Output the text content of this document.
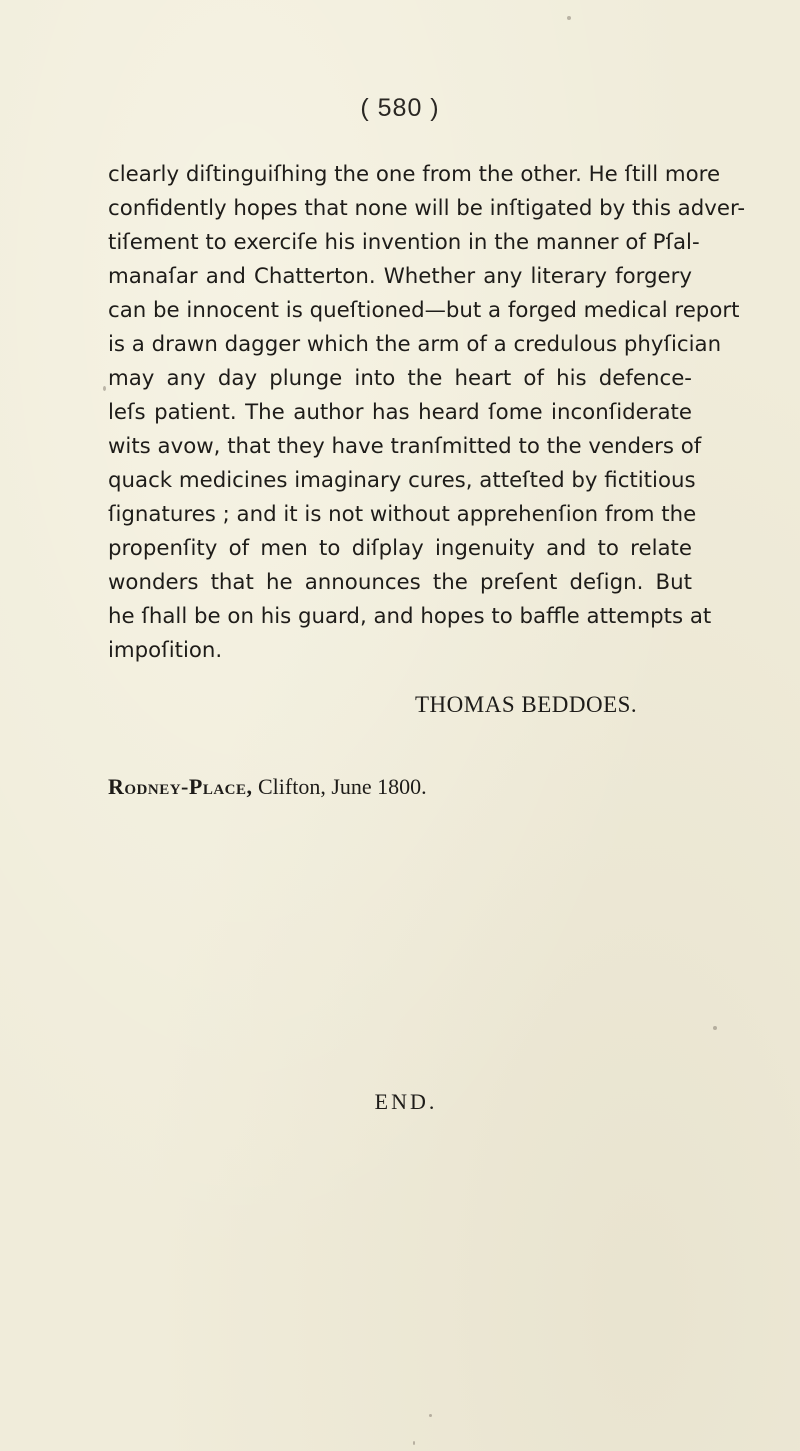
( 580 )
clearly diſtinguiſhing the one from the other. He ſtill more
confidently hopes that none will be inſtigated by this adver-
tiſement to exerciſe his invention in the manner of Pſal-
manaſar and Chatterton. Whether any literary forgery
can be innocent is queſtioned—but a forged medical report
is a drawn dagger which the arm of a credulous phyſician
may any day plunge into the heart of his defence-
leſs patient. The author has heard ſome inconſiderate
wits avow, that they have tranſmitted to the venders of
quack medicines imaginary cures, atteſted by fictitious
ſignatures ; and it is not without apprehenſion from the
propenſity of men to diſplay ingenuity and to relate
wonders that he announces the preſent deſign. But
he ſhall be on his guard, and hopes to baffle attempts at
impoſition.
THOMAS BEDDOES.
Rodney-Place, Clifton, June 1800.
END.
